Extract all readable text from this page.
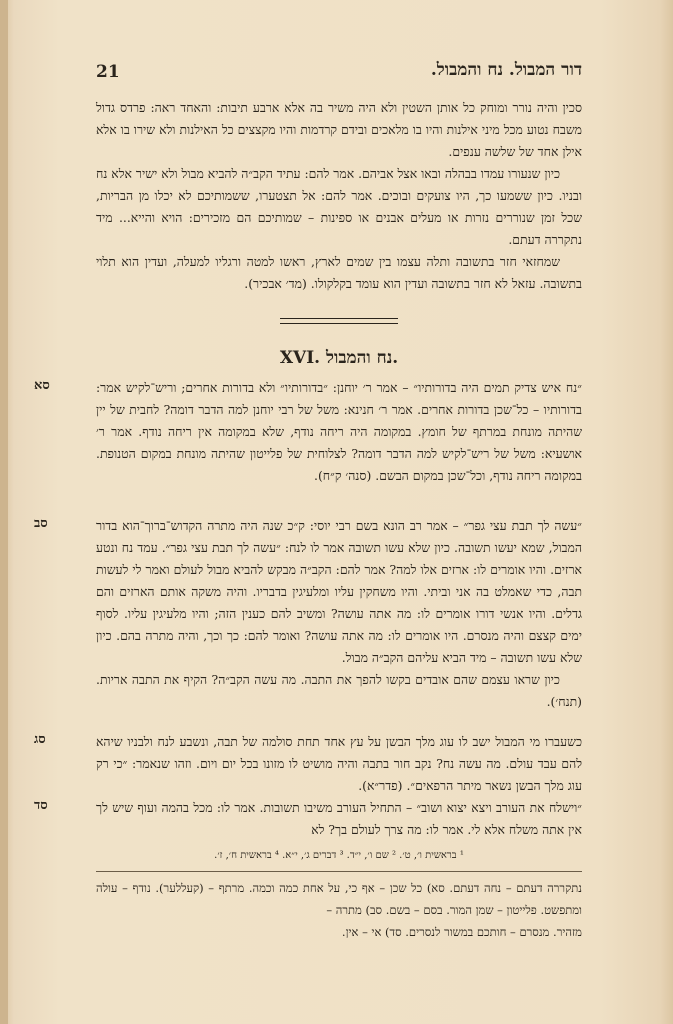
21	דור המבול. נח והמבול.

סכין והיה נורר ומוחק כל אותן השטין ולא היה משיר בה אלא ארבע תיבות: והאחד ראה: פרדס גדול משבח נטוע מכל מיני אילנות והיו בו מלאכים ובידם קרדמות והיו מקצצים כל האילנות ולא שירו בו אלא אילן אחד של שלשה ענפים.

כיון שנעורו עמדו בבהלה ובאו אצל אביהם. אמר להם: עתיד הקב״ה להביא מבול ולא ישיר אלא נח ובניו. כיון ששמעו כך, היו צועקים ובוכים. אמר להם: אל תצטערו, ששמותיכם לא יכלו מן הבריות, שכל זמן שנוררים נזרות או מעלים אבנים או ספינות – שמותיכם הם מזכירים: הויא והייא... מיד נתקררה דעתם.

שמחזאי חזר בתשובה ותלה עצמו בין שמים לארץ, ראשו למטה ורגליו למעלה, ועדין הוא תלוי בתשובה. עזאל לא חזר בתשובה ועדין הוא עומד בקלקולו. (מד׳ אבכיר).

XVI. נח והמבול.
סא	״נח איש צדיק תמים היה בדורותיו״ – אמר ר׳ יוחנן: ״בדורותיו״ ולא בדורות אחרים; וריש־לקיש אמר: בדורותיו – כל־שכן בדורות אחרים. אמר ר׳ חנינא: משל של רבי יוחנן למה הדבר דומה? לחבית של יין שהיתה מונחת במרתף של חומץ. במקומה היה ריחה נודף, שלא במקומה אין ריחה נודף. אמר ר׳ אושעיא: משל של ריש־לקיש למה הדבר דומה? לצלוחית של פלייטון שהיתה מונחת במקום הטנופת. במקומה ריחה נודף, וכל־שכן במקום הבשם. (סנה׳ ק״ח).

סב	״עשה לך תבת עצי גפר״ – אמר רב הונא בשם רבי יוסי: ק״כ שנה היה מתרה הקדוש־ברוך־הוא בדור המבול, שמא יעשו תשובה. כיון שלא עשו תשובה אמר לו לנח: ״עשה לך תבת עצי גפר״. עמד נח ונטע ארזים. והיו אומרים לו: ארזים אלו למה? אמר להם: הקב״ה מבקש להביא מבול לעולם ואמר לי לעשות תבה, כדי שאמלט בה אני וביתי. והיו משחקין עליו ומלעיגין בדבריו. והיה משקה אותם הארזים והם גדלים. והיו אנשי דורו אומרים לו: מה אתה עושה? ומשיב להם כענין הזה; והיו מלעיגין עליו. לסוף ימים קצצם והיה מנסרם. היו אומרים לו: מה אתה עושה? ואומר להם: כך וכך, והיה מתרה בהם. כיון שלא עשו תשובה – מיד הביא עליהם הקב״ה מבול.

כיון שראו עצמם שהם אובדים בקשו להפך את התבה. מה עשה הקב״ה? הקיף את התבה אריות. (תנח׳).

סג	כשעברו מי המבול ישב לו עוג מלך הבשן על עץ אחד תחת סולמה של תבה, ונשבע לנח ולבניו שיהא להם עבד עולם. מה עשה נח? נקב חור בתבה והיה מושיט לו מזונו בכל יום ויום. וזהו שנאמר: ״כי רק עוג מלך הבשן נשאר מיתר הרפאים״. (פדר״א).

סד	״וישלח את העורב ויצא יצוא ושוב״ – התחיל העורב משיבו תשובות. אמר לו: מכל בהמה ועוף שיש לך אין אתה משלח אלא לי. אמר לו: מה צרך לעולם בך? לא

¹ בראשית ו׳, ט׳. ² שם ו׳, י״ד. ³ דברים ג׳, י״א. ⁴ בראשית ח׳, ז׳.

נתקררה דעתם – נחה דעתם. סא) כל שכן – אף כי, על אחת כמה וכמה. מרתף – (קעללער). נודף – עולה ומתפשט. פלייטון – שמן המור. בסם – בשם. סב) מתרה –

מזהיר. מנסרם – חותכם במשור לנסרים. סד) אי – אין.
